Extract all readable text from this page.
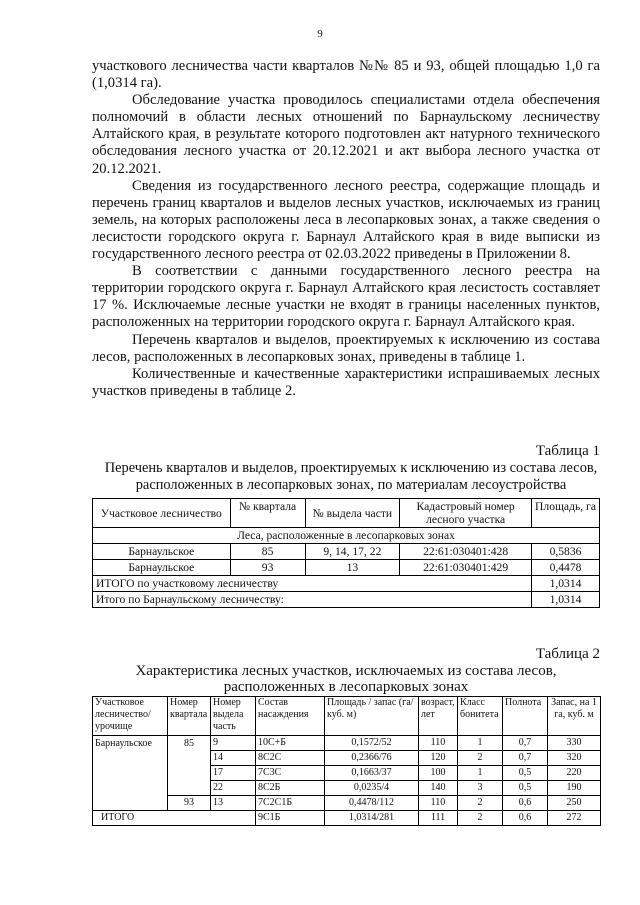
9

участкового лесничества части кварталов №№ 85 и 93, общей площадью 1,0 га (1,0314 га).

Обследование участка проводилось специалистами отдела обеспечения полномочий в области лесных отношений по Барнаульскому лесничеству Алтайского края, в результате которого подготовлен акт натурного технического обследования лесного участка от 20.12.2021 и акт выбора лесного участка от 20.12.2021.

Сведения из государственного лесного реестра, содержащие площадь и перечень границ кварталов и выделов лесных участков, исключаемых из границ земель, на которых расположены леса в лесопарковых зонах, а также сведения о лесистости городского округа г. Барнаул Алтайского края в виде выписки из государственного лесного реестра от 02.03.2022 приведены в Приложении 8.

В соответствии с данными государственного лесного реестра на территории городского округа г. Барнаул Алтайского края лесистость составляет 17 %. Исключаемые лесные участки не входят в границы населенных пунктов, расположенных на территории городского округа г. Барнаул Алтайского края.

Перечень кварталов и выделов, проектируемых к исключению из состава лесов, расположенных в лесопарковых зонах, приведены в таблице 1.

Количественные и качественные характеристики испрашиваемых лесных участков приведены в таблице 2.

Таблица 1
Перечень кварталов и выделов, проектируемых к исключению из состава лесов, расположенных в лесопарковых зонах, по материалам лесоустройства
Участковое лесничество	№ квартала	№ выдела части	Кадастровый номер лесного участка	Площадь, га
Леса, расположенные в лесопарковых зонах				
Барнаульское	85	9, 14, 17, 22	22:61:030401:428	0,5836
Барнаульское	93	13	22:61:030401:429	0,4478
ИТОГО по участковому лесничеству				1,0314
Итого по Барнаульскому лесничеству:				1,0314
Таблица 2
Характеристика лесных участков, исключаемых из состава лесов, расположенных в лесопарковых зонах
Участковое лесничество/ урочище	Номер квартала	Номер выдела часть	Состав насаждения	Площадь / запас (га/ куб. м)	возраст, лет	Класс бонитета	Полнота	Запас, на 1 га, куб. м
Барнаульское	85	9	10С+Б	0,1572/52	110	1	0,7	330
		14	8С2С	0,2366/76	120	2	0,7	320
		17	7С3С	0,1663/37	100	1	0,5	220
		22	8С2Б	0,0235/4	140	3	0,5	190
	93	13	7С2С1Б	0,4478/112	110	2	0,6	250
ИТОГО			9С1Б	1,0314/281	111	2	0,6	272
